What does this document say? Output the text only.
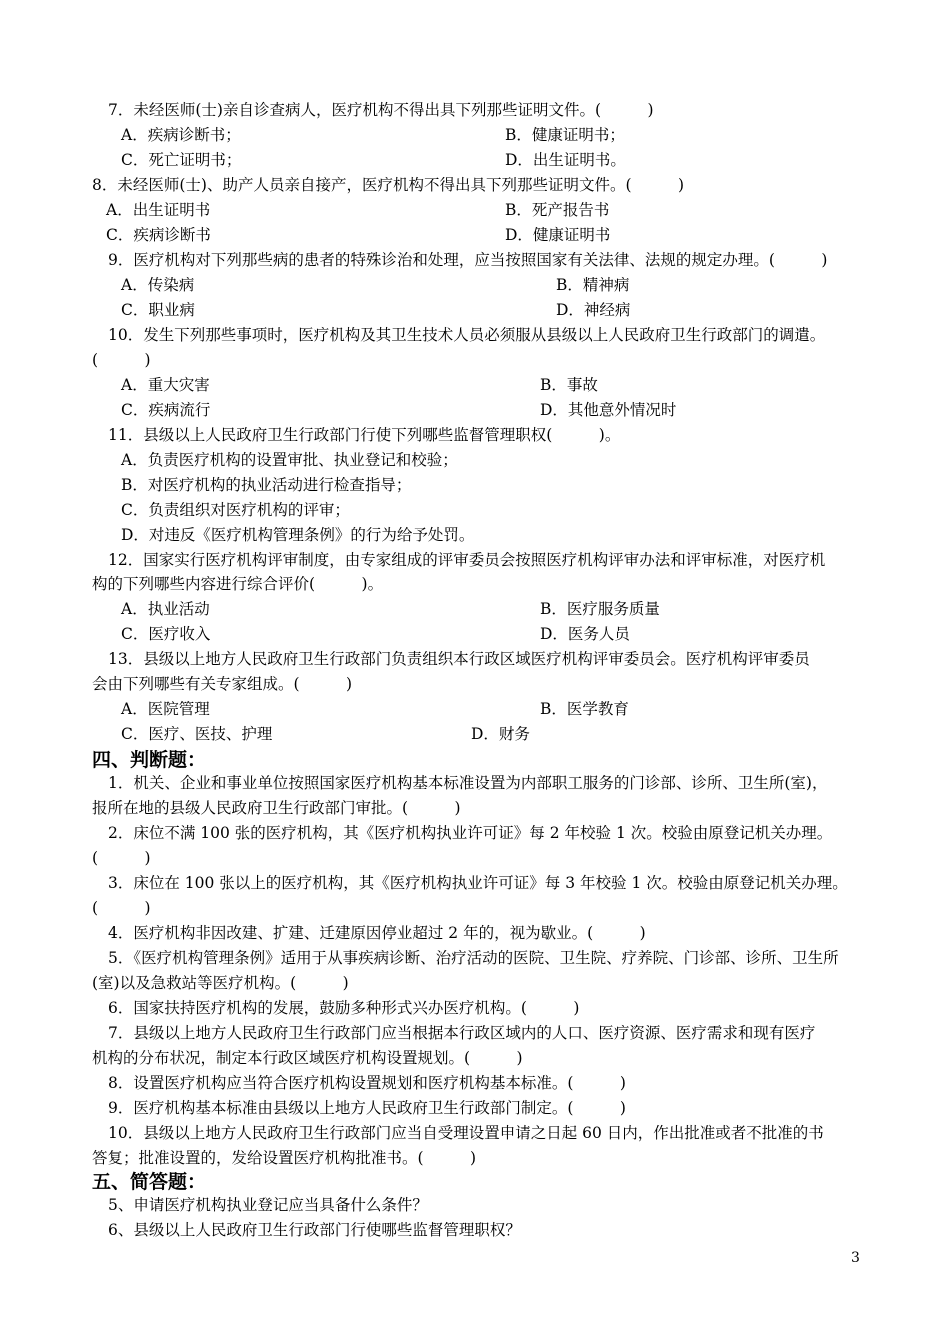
7．未经医师(士)亲自诊查病人，医疗机构不得出具下列那些证明文件。(　　　)
A．疾病诊断书；	B．健康证明书；
C．死亡证明书；	D．出生证明书。
8．未经医师(士)、助产人员亲自接产，医疗机构不得出具下列那些证明文件。(　　　)
A．出生证明书	B．死产报告书
C．疾病诊断书	D．健康证明书
9．医疗机构对下列那些病的患者的特殊诊治和处理，应当按照国家有关法律、法规的规定办理。(　　　)
A．传染病	B．精神病
C．职业病	D．神经病
10．发生下列那些事项时，医疗机构及其卫生技术人员必须服从县级以上人民政府卫生行政部门的调遣。
(　　　)
A．重大灾害	B．事故
C．疾病流行	D．其他意外情况时
11．县级以上人民政府卫生行政部门行使下列哪些监督管理职权(　　　)。
A．负责医疗机构的设置审批、执业登记和校验；
B．对医疗机构的执业活动进行检查指导；
C．负责组织对医疗机构的评审；
D．对违反《医疗机构管理条例》的行为给予处罚。
12．国家实行医疗机构评审制度，由专家组成的评审委员会按照医疗机构评审办法和评审标准，对医疗机
构的下列哪些内容进行综合评价(　　　)。
A．执业活动	B．医疗服务质量
C．医疗收入	D．医务人员
13．县级以上地方人民政府卫生行政部门负责组织本行政区域医疗机构评审委员会。医疗机构评审委员
会由下列哪些有关专家组成。(　　　)
A．医院管理	B．医学教育
C．医疗、医技、护理	D．财务
1．机关、企业和事业单位按照国家医疗机构基本标准设置为内部职工服务的门诊部、诊所、卫生所(室)，
报所在地的县级人民政府卫生行政部门审批。(　　　)
2．床位不满 100 张的医疗机构，其《医疗机构执业许可证》每 2 年校验 1 次。校验由原登记机关办理。
(　　　)
3．床位在 100 张以上的医疗机构，其《医疗机构执业许可证》每 3 年校验 1 次。校验由原登记机关办理。
(　　　)
4．医疗机构非因改建、扩建、迁建原因停业超过 2 年的，视为歇业。(　　　)
5．《医疗机构管理条例》适用于从事疾病诊断、治疗活动的医院、卫生院、疗养院、门诊部、诊所、卫生所
(室)以及急救站等医疗机构。(　　　)
6．国家扶持医疗机构的发展，鼓励多种形式兴办医疗机构。(　　　)
7．县级以上地方人民政府卫生行政部门应当根据本行政区域内的人口、医疗资源、医疗需求和现有医疗
机构的分布状况，制定本行政区域医疗机构设置规划。(　　　)
8．设置医疗机构应当符合医疗机构设置规划和医疗机构基本标准。(　　　)
9．医疗机构基本标准由县级以上地方人民政府卫生行政部门制定。(　　　)
10．县级以上地方人民政府卫生行政部门应当自受理设置申请之日起 60 日内，作出批准或者不批准的书
答复；批准设置的，发给设置医疗机构批准书。(　　　)
5、申请医疗机构执业登记应当具备什么条件？
6、县级以上人民政府卫生行政部门行使哪些监督管理职权？
四、判断题：
五、简答题：
3
